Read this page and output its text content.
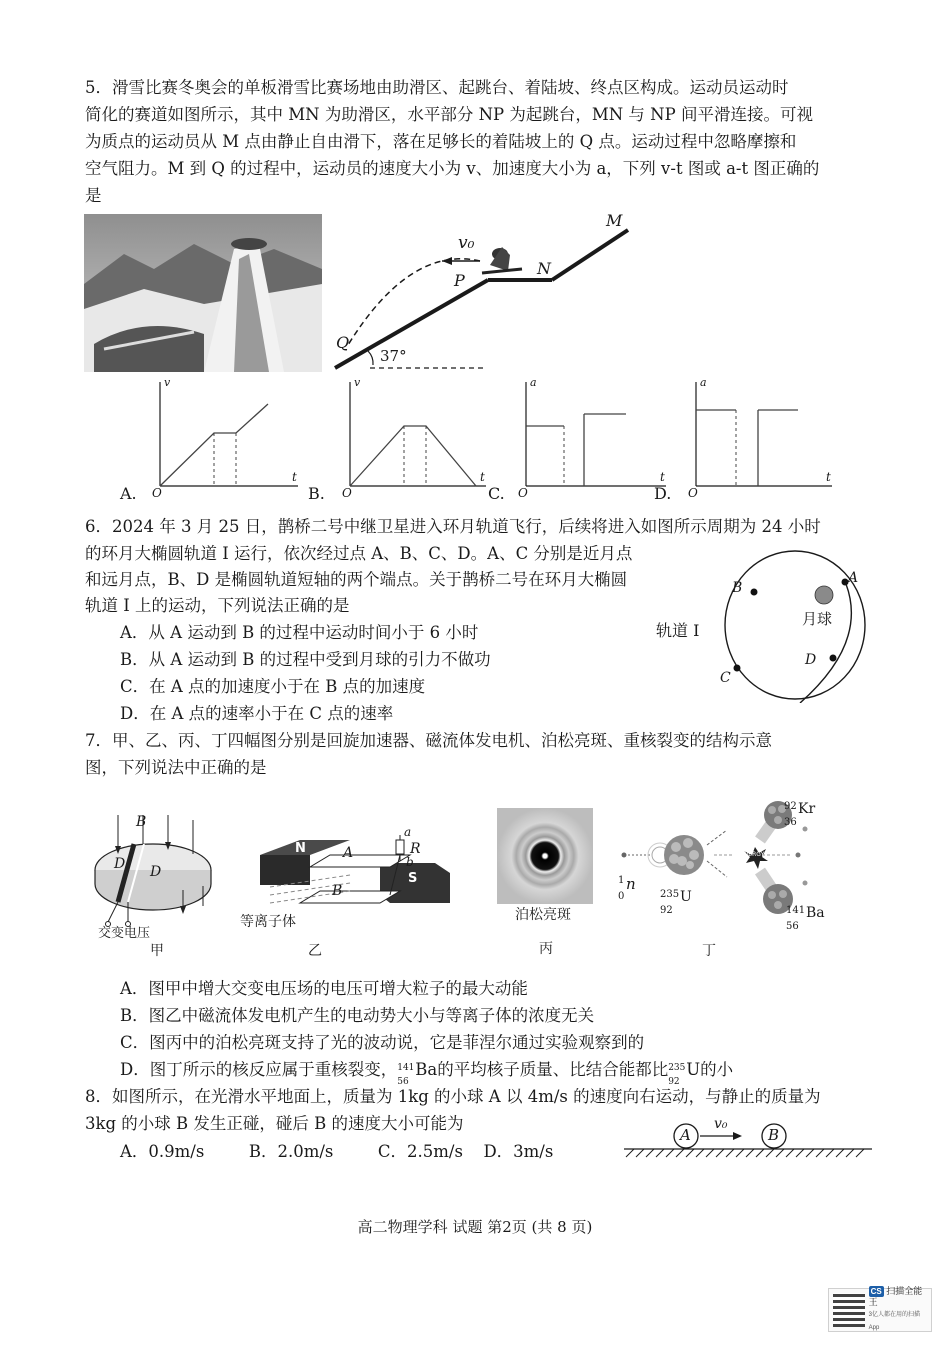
5．滑雪比赛冬奥会的单板滑雪比赛场地由助滑区、起跳台、着陆坡、终点区构成。运动员运动时
简化的赛道如图所示，其中 MN 为助滑区，水平部分 NP 为起跳台，MN 与 NP 间平滑连接。可视
为质点的运动员从 M 点由静止自由滑下，落在足够长的着陆坡上的 Q 点。运动过程中忽略摩擦和
空气阻力。M 到 Q 的过程中，运动员的速度大小为 v、加速度大小为 a，下列 v-t 图或 a-t 图正确的
是
M
N
P
Q
v₀
37°
A.
v
t
O	B.
v
t
O	C.
a
t
O	D.
a
t
O
6．2024 年 3 月 25 日，鹊桥二号中继卫星进入环月轨道飞行，后续将进入如图所示周期为 24 小时
的环月大椭圆轨道 I 运行，依次经过点 A、B、C、D。A、C 分别是近月点
和远月点，B、D 是椭圆轨道短轴的两个端点。关于鹊桥二号在环月大椭圆
轨道 I 上的运动，下列说法正确的是
A．从 A 运动到 B 的过程中运动时间小于 6 小时
B．从 A 运动到 B 的过程中受到月球的引力不做功
C．在 A 点的加速度小于在 B 点的加速度
D．在 A 点的速率小于在 C 点的速率
轨道 I
月球
A
B
C
D
7．甲、乙、丙、丁四幅图分别是回旋加速器、磁流体发电机、泊松亮斑、重核裂变的结构示意
图，下列说法中正确的是
B
D D
交变电压
甲
N
S
A
B
R
a
b
等离子体
乙
泊松亮斑
丙
ENERGY
1
0
n
235
92
U
92
36
Kr
141
56
Ba
丁
A．图甲中增大交变电压场的电压可增大粒子的最大动能
B．图乙中磁流体发电机产生的电动势大小与等离子体的浓度无关
C．图丙中的泊松亮斑支持了光的波动说，它是菲涅尔通过实验观察到的
D．图丁所示的核反应属于重核裂变， 141
56
Ba的平均核子质量、比结合能都比 235
92
U的小
8．如图所示，在光滑水平地面上，质量为 1kg 的小球 A 以 4m/s 的速度向右运动，与静止的质量为
3kg 的小球 B 发生正碰，碰后 B 的速度大小可能为
A．0.9m/s	B．2.0m/s	C．2.5m/s D．3m/s
A	B
v₀
高二物理学科 试题 第2页 (共 8 页)
CS 扫描全能王
3亿人都在用的扫描App
